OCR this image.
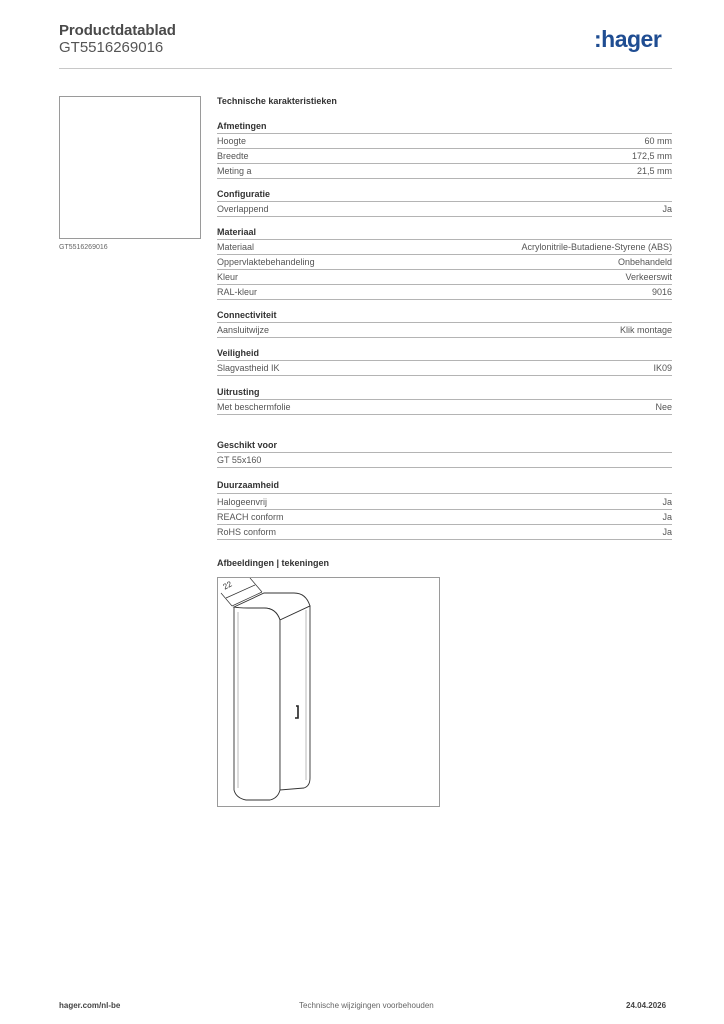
Productdatablad
GT5516269016	:hager
GT5516269016
Technische karakteristieken
Afmetingen
Hoogte	60 mm
Breedte	172,5 mm
Meting a	21,5 mm
Configuratie
Overlappend	Ja
Materiaal
Materiaal	Acrylonitrile-Butadiene-Styrene (ABS)
Oppervlaktebehandeling	Onbehandeld
Kleur	Verkeerswit
RAL-kleur	9016
Connectiviteit
Aansluitwijze	Klik montage
Veiligheid
Slagvastheid IK	IK09
Uitrusting
Met beschermfolie	Nee
Geschikt voor
GT 55x160
Duurzaamheid
Halogeenvrij	Ja
REACH conform	Ja
RoHS conform	Ja
Afbeeldingen | tekeningen
22
hager.com/nl-be	Technische wijzigingen voorbehouden	24.04.2026
